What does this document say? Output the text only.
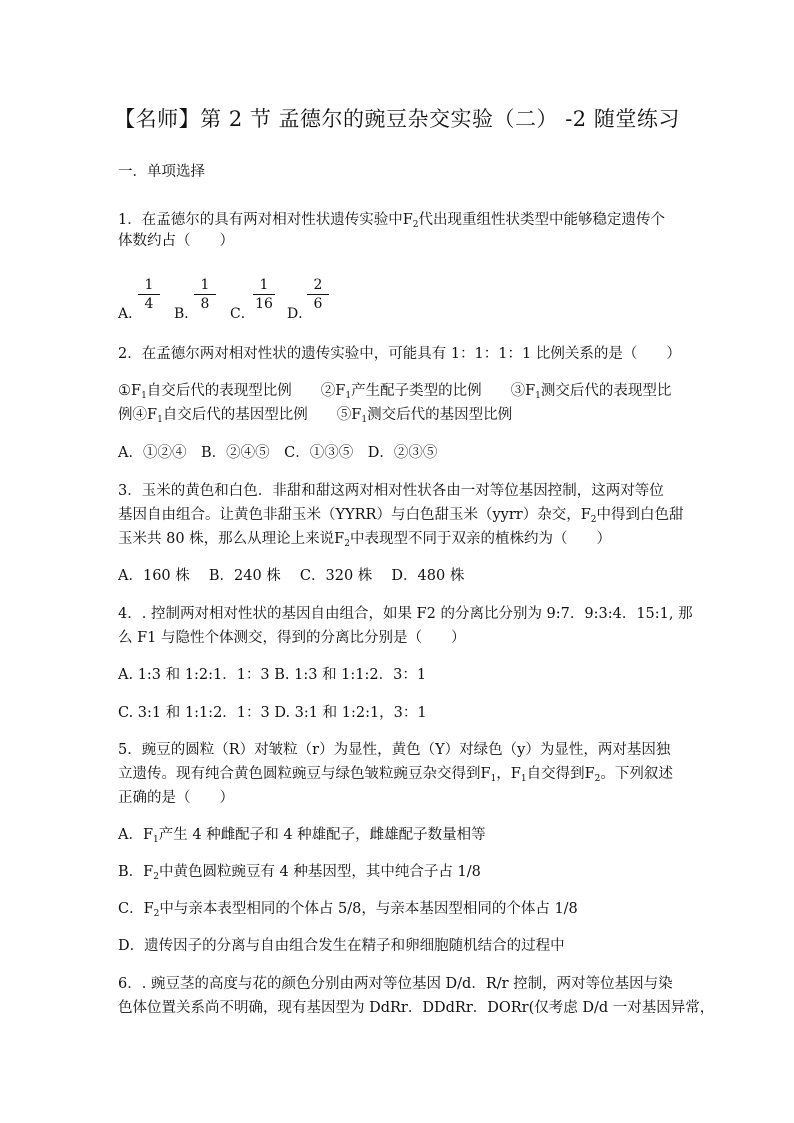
【名师】第 2 节 孟德尔的豌豆杂交实验（二） -2 随堂练习
一．单项选择
1．在孟德尔的具有两对相对性状遗传实验中$F_2$代出现重组性状类型中能够稳定遗传个
体数约占（　　）
A．
$\frac{1}{4}$
B．
$\frac{1}{8}$
C．
$\frac{1}{16}$
D．
$\frac{2}{6}$
2．在孟德尔两对相对性状的遗传实验中，可能具有 1：1：1：1 比例关系的是（　　）
$①F_1$自交后代的表现型比例　　$②F_1$产生配子类型的比例　　$③F_1$测交后代的表现型比
例$④F_1$自交后代的基因型比例　　$⑤F_1$测交后代的基因型比例
A．①②④　B．②④⑤　C．①③⑤　D．②③⑤
3．玉米的黄色和白色．非甜和甜这两对相对性状各由一对等位基因控制，这两对等位
基因自由组合。让黄色非甜玉米（YYRR）与白色甜玉米（yyrr）杂交，$F_2$中得到白色甜
玉米共 80 株，那么从理论上来说$F_2$中表现型不同于双亲的植株约为（　　）
A．160 株　 B．240 株　 C．320 株　 D．480 株
4．. 控制两对相对性状的基因自由组合，如果 F2 的分离比分别为 9:7．9:3:4．15:1, 那
么 F1 与隐性个体测交，得到的分离比分别是（　　）
A. 1:3 和 1:2:1．1：3 B. 1:3 和 1:1:2．3：1
C. 3:1 和 1:1:2．1：3 D. 3:1 和 1:2:1，3：1
5．豌豆的圆粒（R）对皱粒（r）为显性，黄色（Y）对绿色（y）为显性，两对基因独
立遗传。现有纯合黄色圆粒豌豆与绿色皱粒豌豆杂交得到$F_1$，$F_1$自交得到$F_2$。下列叙述
正确的是（　　）
A．$F_1$产生 4 种雌配子和 4 种雄配子，雌雄配子数量相等
B．$F_2$中黄色圆粒豌豆有 4 种基因型，其中纯合子占 1/8
C．$F_2$中与亲本表型相同的个体占 5/8，与亲本基因型相同的个体占 1/8
D．遗传因子的分离与自由组合发生在精子和卵细胞随机结合的过程中
6．. 豌豆茎的高度与花的颜色分别由两对等位基因 D/d．R/r 控制，两对等位基因与染
色体位置关系尚不明确，现有基因型为 DdRr．DDdRr．DORr(仅考虑 D/d 一对基因异常，
